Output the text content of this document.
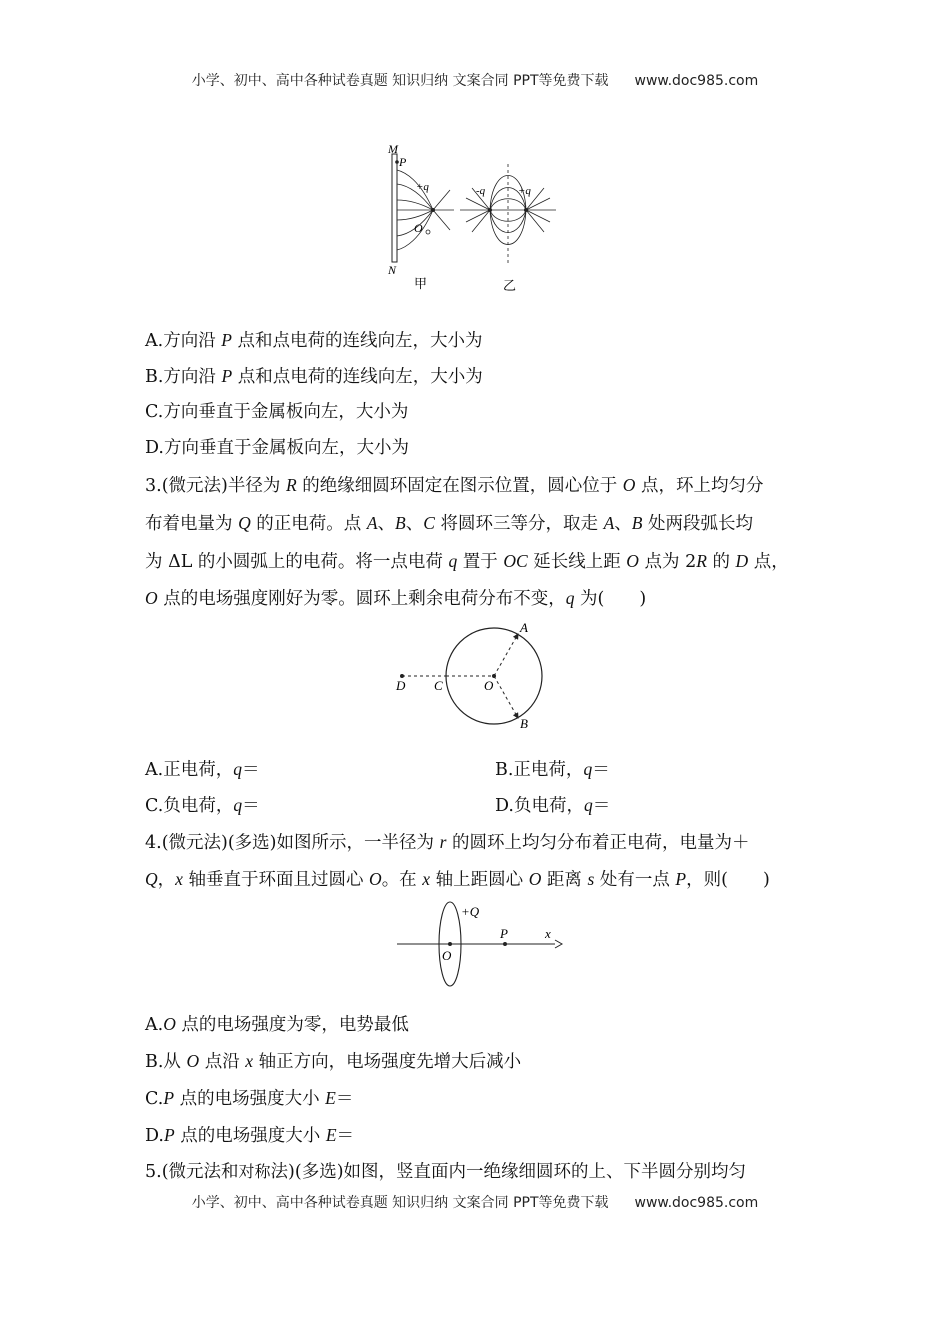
小学、初中、高中各种试卷真题 知识归纳 文案合同 PPT等免费下载 www.doc985.com
M
P
+q
O
N
-q	+q
甲	乙
A.方向沿 P 点和点电荷的连线向左，大小为
B.方向沿 P 点和点电荷的连线向左，大小为
C.方向垂直于金属板向左，大小为
D.方向垂直于金属板向左，大小为
3.(微元法)半径为 R 的绝缘细圆环固定在图示位置，圆心位于 O 点，环上均匀分
布着电量为 Q 的正电荷。点 A、B、C 将圆环三等分，取走 A、B 处两段弧长均
为 ΔL 的小圆弧上的电荷。将一点电荷 q 置于 OC 延长线上距 O 点为 2R 的 D 点，
O 点的电场强度刚好为零。圆环上剩余电荷分布不变，q 为(　　)
A
B
C
D	O
A.正电荷，q＝	B.正电荷，q＝
C.负电荷，q＝	D.负电荷，q＝
4.(微元法)(多选)如图所示，一半径为 r 的圆环上均匀分布着正电荷，电量为＋
Q，x 轴垂直于环面且过圆心 O。在 x 轴上距圆心 O 距离 s 处有一点 P，则(　　)
+Q
P	x
O
A.O 点的电场强度为零，电势最低
B.从 O 点沿 x 轴正方向，电场强度先增大后减小
C.P 点的电场强度大小 E＝
D.P 点的电场强度大小 E＝
5.(微元法和对称法)(多选)如图，竖直面内一绝缘细圆环的上、下半圆分别均匀
小学、初中、高中各种试卷真题 知识归纳 文案合同 PPT等免费下载 www.doc985.com
